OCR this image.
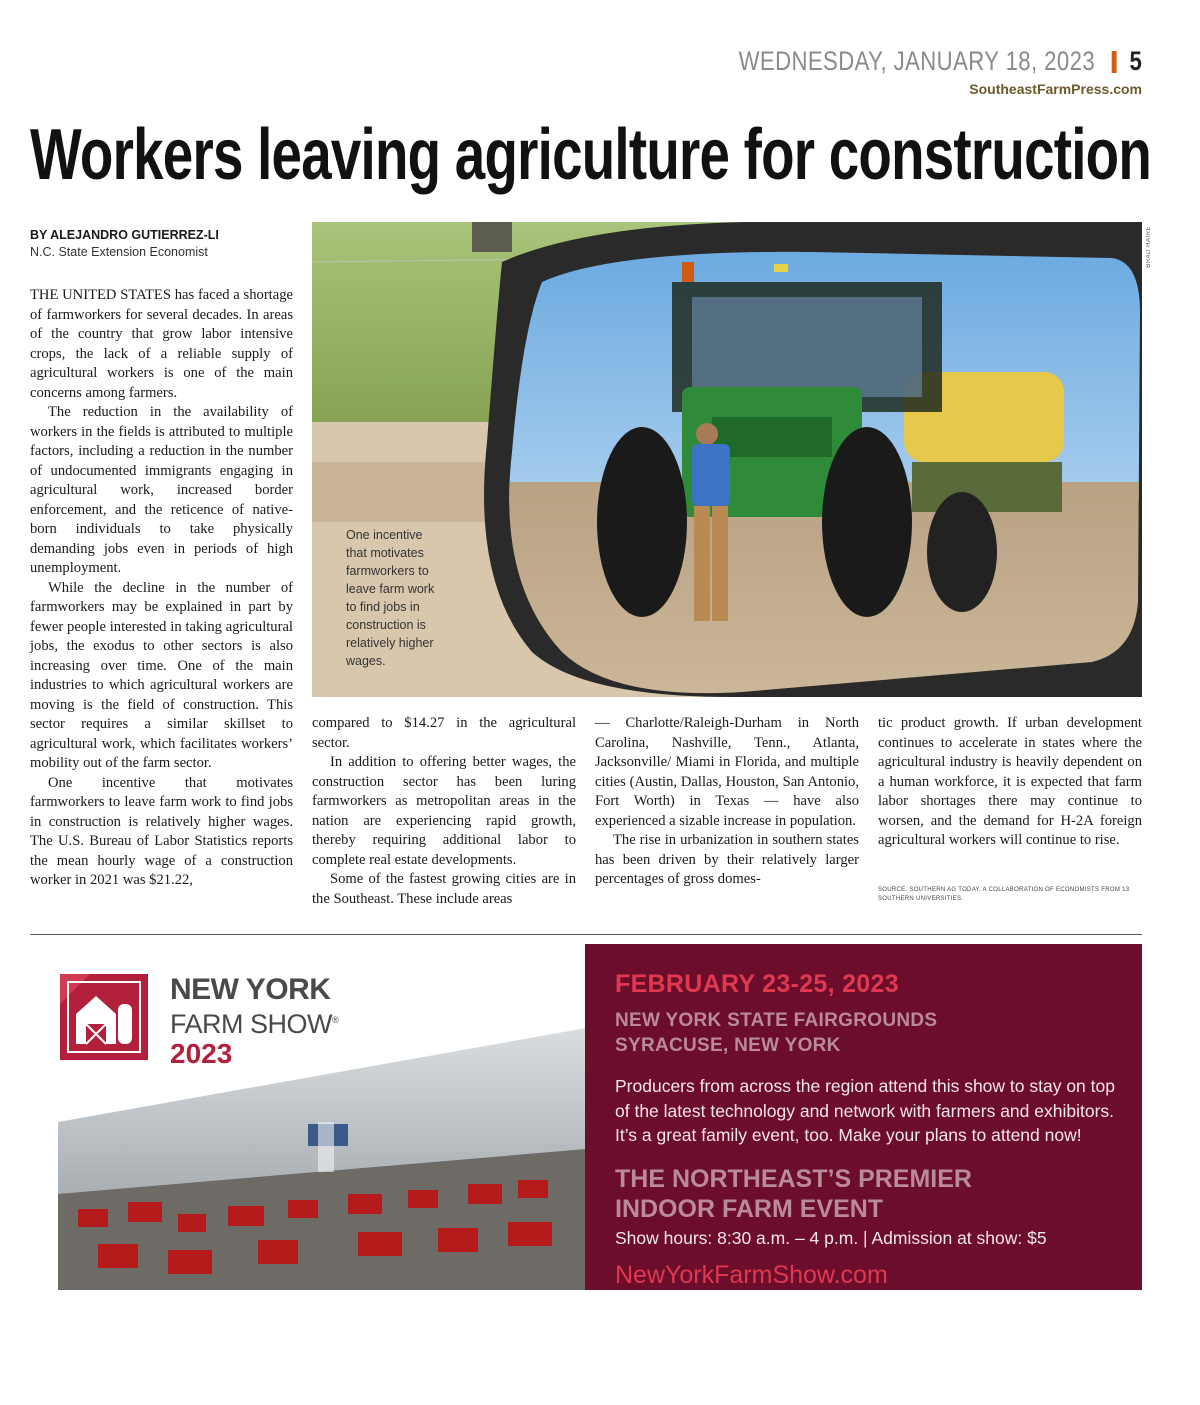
WEDNESDAY, JANUARY 18, 2023 5
SoutheastFarmPress.com
Workers leaving agriculture for construction
BY ALEJANDRO GUTIERREZ-LI
N.C. State Extension Economist

THE UNITED STATES has faced a shortage of farmworkers for several decades. In areas of the country that grow labor intensive crops, the lack of a reliable supply of agricultural workers is one of the main concerns among farmers.

The reduction in the availability of workers in the fields is attributed to multiple factors, including a reduction in the number of undocumented immigrants engaging in agricultural work, increased border enforcement, and the reticence of native-born individuals to take physically demanding jobs even in periods of high unemployment.

While the decline in the number of farmworkers may be explained in part by fewer people interested in taking agricultural jobs, the exodus to other sectors is also increasing over time. One of the main industries to which agricultural workers are moving is the field of construction. This sector requires a similar skillset to agricultural work, which facilitates workers’ mobility out of the farm sector.

One incentive that motivates farmworkers to leave farm work to find jobs in construction is relatively higher wages. The U.S. Bureau of Labor Statistics reports the mean hourly wage of a construction worker in 2021 was $21.22,

BRAD HAIRE
One incentive that motivates farmworkers to leave farm work to find jobs in construction is relatively higher wages.

compared to $14.27 in the agricultural sector.

In addition to offering better wages, the construction sector has been luring farmworkers as metropolitan areas in the nation are experiencing rapid growth, thereby requiring additional labor to complete real estate developments.

Some of the fastest growing cities are in the Southeast. These include areas

— Charlotte/Raleigh-Durham in North Carolina, Nashville, Tenn., Atlanta, Jacksonville/ Miami in Florida, and multiple cities (Austin, Dallas, Houston, San Antonio, Fort Worth) in Texas — have also experienced a sizable increase in population.

The rise in urbanization in southern states has been driven by their relatively larger percentages of gross domes-

tic product growth. If urban development continues to accelerate in states where the agricultural industry is heavily dependent on a human workforce, it is expected that farm labor shortages there may continue to worsen, and the demand for H-2A foreign agricultural workers will continue to rise.

SOURCE: SOUTHERN AG TODAY, A COLLABORATION OF ECONOMISTS FROM 13 SOUTHERN UNIVERSITIES.
NEW YORK
FARM SHOW®
2023
FEBRUARY 23-25, 2023
NEW YORK STATE FAIRGROUNDS
SYRACUSE, NEW YORK
Producers from across the region attend this show to stay on top of the latest technology and network with farmers and exhibitors. It’s a great family event, too. Make your plans to attend now!
THE NORTHEAST’S PREMIER
INDOOR FARM EVENT
Show hours: 8:30 a.m. – 4 p.m. | Admission at show: $5
NewYorkFarmShow.com
